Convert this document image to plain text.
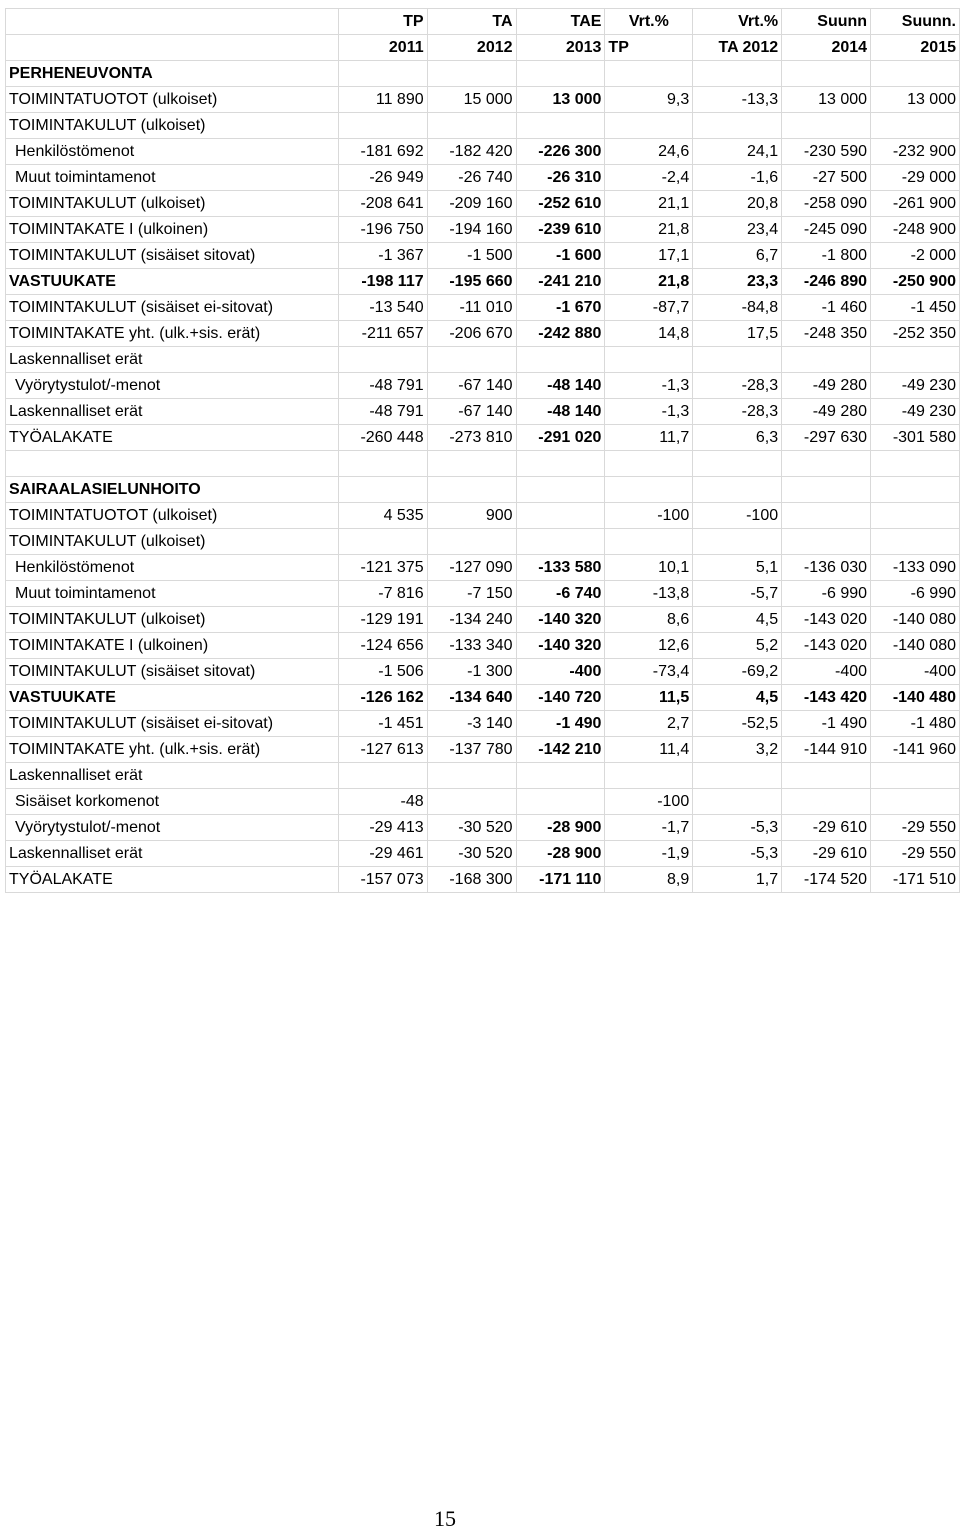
	TP	TA	TAE	Vrt.%	Vrt.%	Suunn	Suunn.
	2011	2012	2013	TP	TA 2012	2014	2015
PERHENEUVONTA							
TOIMINTATUOTOT (ulkoiset)	11 890	15 000	13 000	9,3	-13,3	13 000	13 000
TOIMINTAKULUT (ulkoiset)							
Henkilöstömenot	-181 692	-182 420	-226 300	24,6	24,1	-230 590	-232 900
Muut toimintamenot	-26 949	-26 740	-26 310	-2,4	-1,6	-27 500	-29 000
TOIMINTAKULUT (ulkoiset)	-208 641	-209 160	-252 610	21,1	20,8	-258 090	-261 900
TOIMINTAKATE I (ulkoinen)	-196 750	-194 160	-239 610	21,8	23,4	-245 090	-248 900
TOIMINTAKULUT (sisäiset sitovat)	-1 367	-1 500	-1 600	17,1	6,7	-1 800	-2 000
VASTUUKATE	-198 117	-195 660	-241 210	21,8	23,3	-246 890	-250 900
TOIMINTAKULUT (sisäiset ei-sitovat)	-13 540	-11 010	-1 670	-87,7	-84,8	-1 460	-1 450
TOIMINTAKATE yht. (ulk.+sis. erät)	-211 657	-206 670	-242 880	14,8	17,5	-248 350	-252 350
Laskennalliset erät							
Vyörytystulot/-menot	-48 791	-67 140	-48 140	-1,3	-28,3	-49 280	-49 230
Laskennalliset erät	-48 791	-67 140	-48 140	-1,3	-28,3	-49 280	-49 230
TYÖALAKATE	-260 448	-273 810	-291 020	11,7	6,3	-297 630	-301 580

SAIRAALASIELUNHOITO							
TOIMINTATUOTOT (ulkoiset)	4 535	900		-100	-100		
TOIMINTAKULUT (ulkoiset)							
Henkilöstömenot	-121 375	-127 090	-133 580	10,1	5,1	-136 030	-133 090
Muut toimintamenot	-7 816	-7 150	-6 740	-13,8	-5,7	-6 990	-6 990
TOIMINTAKULUT (ulkoiset)	-129 191	-134 240	-140 320	8,6	4,5	-143 020	-140 080
TOIMINTAKATE I (ulkoinen)	-124 656	-133 340	-140 320	12,6	5,2	-143 020	-140 080
TOIMINTAKULUT (sisäiset sitovat)	-1 506	-1 300	-400	-73,4	-69,2	-400	-400
VASTUUKATE	-126 162	-134 640	-140 720	11,5	4,5	-143 420	-140 480
TOIMINTAKULUT (sisäiset ei-sitovat)	-1 451	-3 140	-1 490	2,7	-52,5	-1 490	-1 480
TOIMINTAKATE yht. (ulk.+sis. erät)	-127 613	-137 780	-142 210	11,4	3,2	-144 910	-141 960
Laskennalliset erät							
Sisäiset korkomenot	-48			-100			
Vyörytystulot/-menot	-29 413	-30 520	-28 900	-1,7	-5,3	-29 610	-29 550
Laskennalliset erät	-29 461	-30 520	-28 900	-1,9	-5,3	-29 610	-29 550
TYÖALAKATE	-157 073	-168 300	-171 110	8,9	1,7	-174 520	-171 510
15
